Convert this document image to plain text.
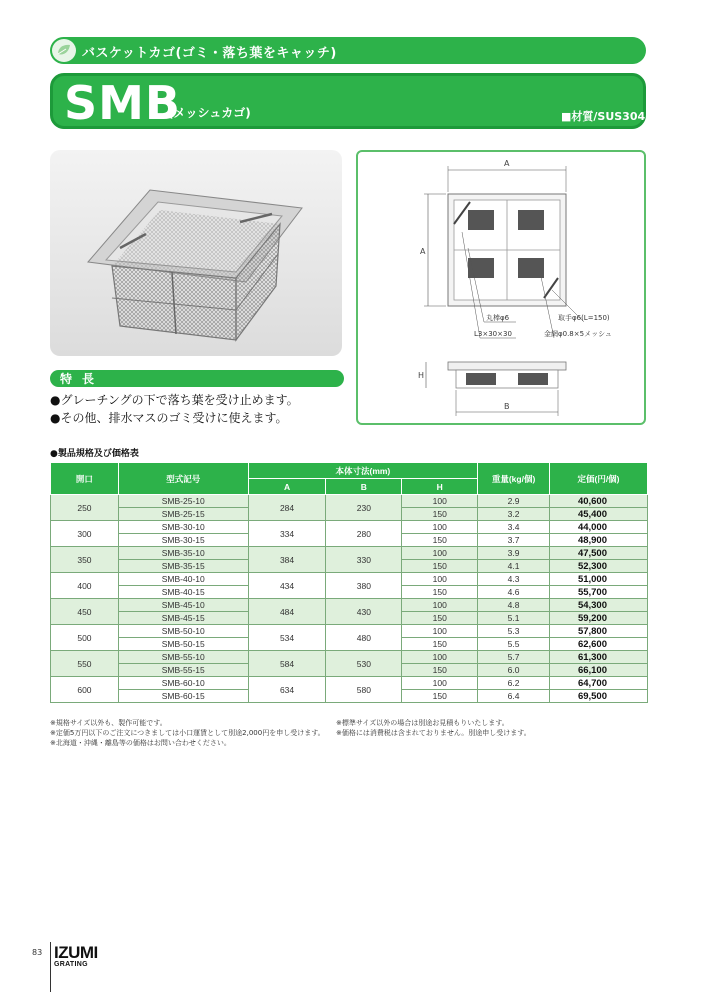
バスケットカゴ(ゴミ・落ち葉をキャッチ)
SMB
(メッシュカゴ)	■材質/SUS304
A
A
丸棒φ6
L3×30×30
取手φ6(L=150)
金網φ0.8×5メッシュ
H
B
特長
●グレーチングの下で落ち葉を受け止めます。
●その他、排水マスのゴミ受けに使えます。
●製品規格及び価格表
開口	型式記号	本体寸法(mm)			重量(kg/個)	定価(円/個)
		A	B	H		
250	SMB-25-10	284	230	100	2.9	40,600
	SMB-25-15			150	3.2	45,400
300	SMB-30-10	334	280	100	3.4	44,000
	SMB-30-15			150	3.7	48,900
350	SMB-35-10	384	330	100	3.9	47,500
	SMB-35-15			150	4.1	52,300
400	SMB-40-10	434	380	100	4.3	51,000
	SMB-40-15			150	4.6	55,700
450	SMB-45-10	484	430	100	4.8	54,300
	SMB-45-15			150	5.1	59,200
500	SMB-50-10	534	480	100	5.3	57,800
	SMB-50-15			150	5.5	62,600
550	SMB-55-10	584	530	100	5.7	61,300
	SMB-55-15			150	6.0	66,100
600	SMB-60-10	634	580	100	6.2	64,700
	SMB-60-15			150	6.4	69,500
※規格サイズ以外も、製作可能です。
※定価5万円以下のご注文につきましては小口運賃として別途2,000円を申し受けます。
※北海道・沖縄・離島等の価格はお問い合わせください。
※標準サイズ以外の場合は別途お見積もりいたします。
※価格には消費税は含まれておりません。別途申し受けます。
83 IZUMI
GRATING
